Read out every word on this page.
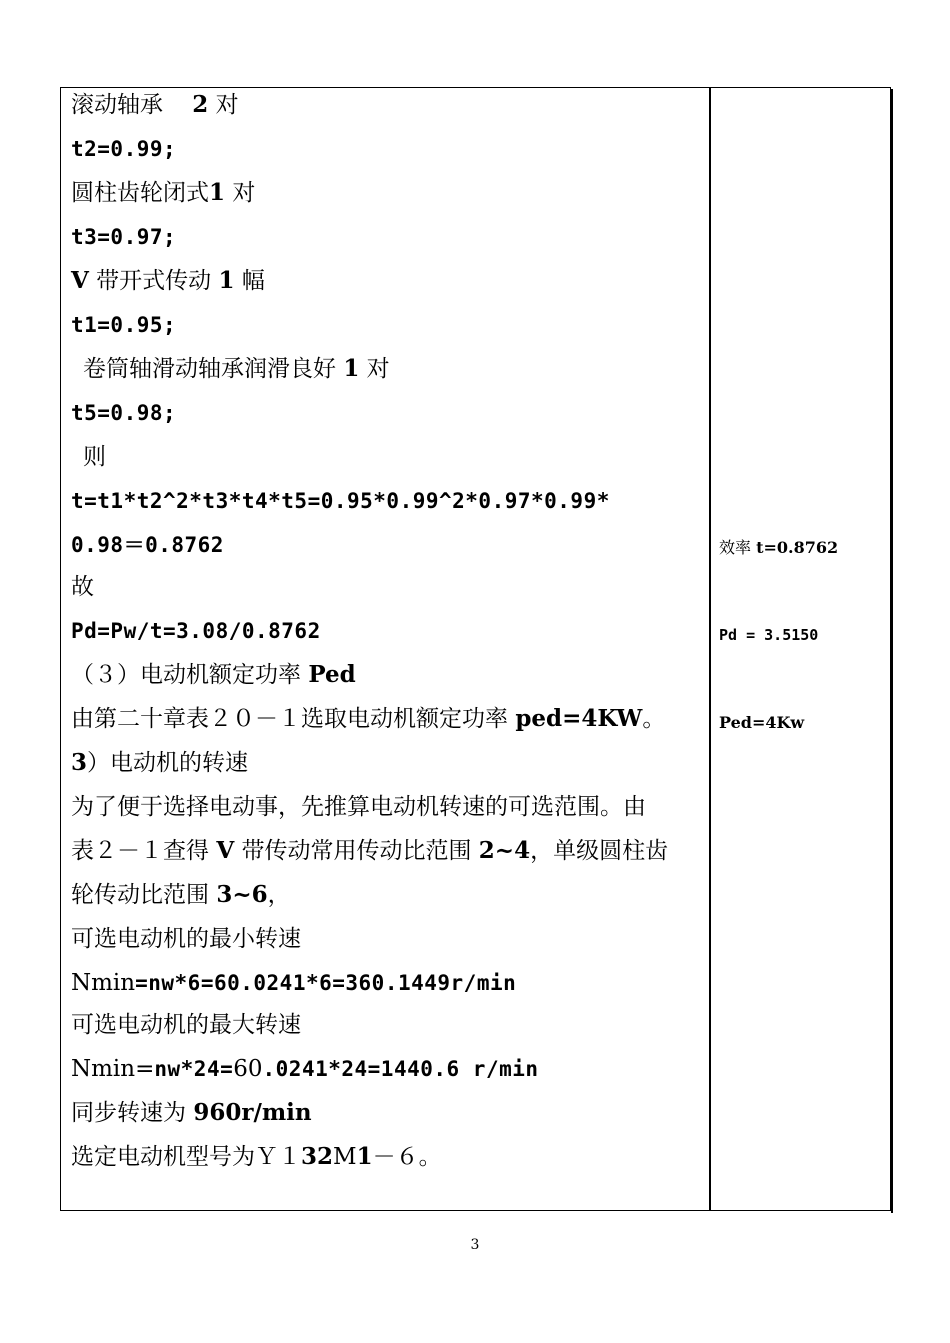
滚动轴承    2 对
t2=0.99;
圆柱齿轮闭式1 对
t3=0.97;
V 带开式传动 1 幅
t1=0.95;
卷筒轴滑动轴承润滑良好 1 对
t5=0.98;
则
t=t1*t2^2*t3*t4*t5=0.95*0.99^2*0.97*0.99*
0.98＝0.8762
故
Pd=Pw/t=3.08/0.8762
（３）电动机额定功率 Ped
由第二十章表２０－１选取电动机额定功率 ped=4KW。
3）电动机的转速
为了便于选择电动事，先推算电动机转速的可选范围。由
表２－１查得 V 带传动常用传动比范围 2~4，单级圆柱齿
轮传动比范围 3~6，
可选电动机的最小转速
Nmin=nw*6=60.0241*6=360.1449r/min
可选电动机的最大转速
Nmin=nw*24=60.0241*24=1440.6 r/min
同步转速为 960r/min
选定电动机型号为Ｙ１32M1－６。
效率 t=0.8762
Pd = 3.5150
Ped=4Kw
3
